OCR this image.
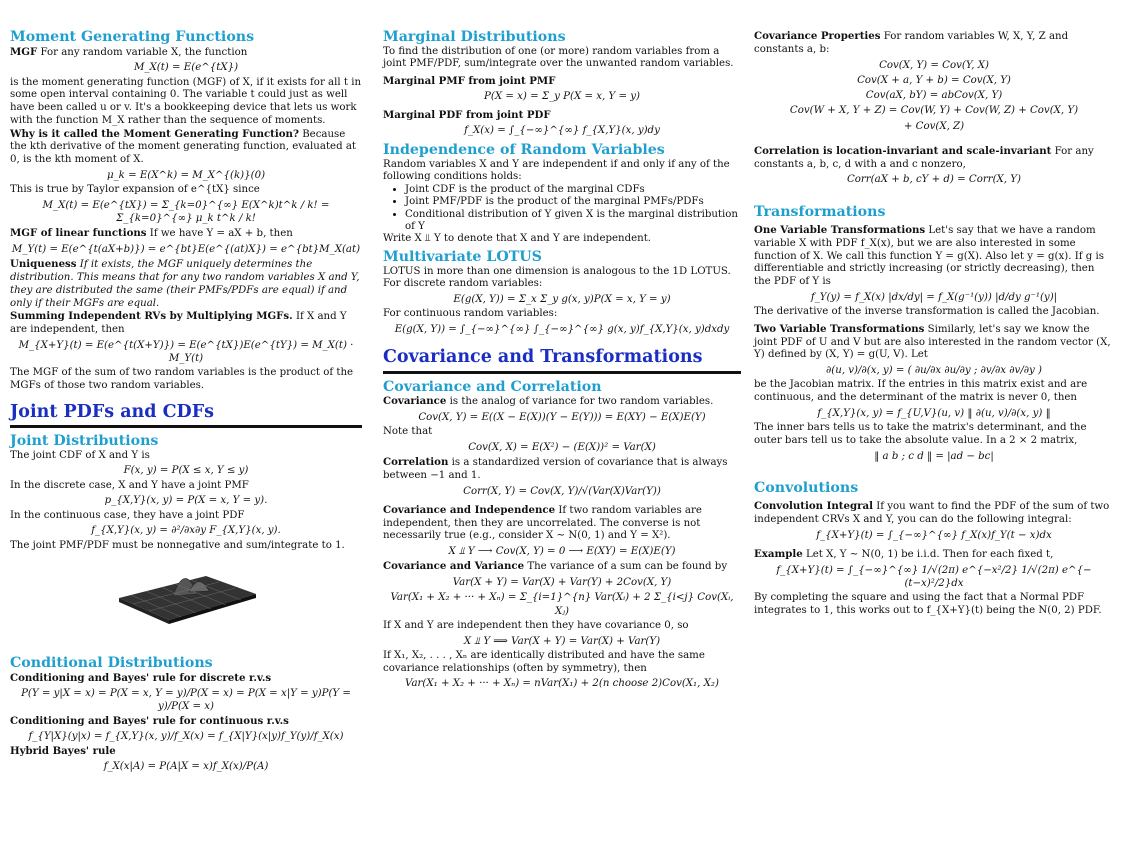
Moment Generating Functions

MGF For any random variable X, the function

M_X(t) = E(e^{tX})

is the moment generating function (MGF) of X, if it exists for all t in some open interval containing 0. The variable t could just as well have been called u or v. It's a bookkeeping device that lets us work with the function M_X rather than the sequence of moments.

Why is it called the Moment Generating Function? Because the kth derivative of the moment generating function, evaluated at 0, is the kth moment of X.

μ_k = E(X^k) = M_X^{(k)}(0)

This is true by Taylor expansion of e^{tX} since

M_X(t) = E(e^{tX}) = Σ_{k=0}^{∞} E(X^k)t^k / k! = Σ_{k=0}^{∞} μ_k t^k / k!

MGF of linear functions If we have Y = aX + b, then

M_Y(t) = E(e^{t(aX+b)}) = e^{bt}E(e^{(at)X}) = e^{bt}M_X(at)

Uniqueness If it exists, the MGF uniquely determines the distribution. This means that for any two random variables X and Y, they are distributed the same (their PMFs/PDFs are equal) if and only if their MGFs are equal.

Summing Independent RVs by Multiplying MGFs. If X and Y are independent, then

M_{X+Y}(t) = E(e^{t(X+Y)}) = E(e^{tX})E(e^{tY}) = M_X(t) · M_Y(t)

The MGF of the sum of two random variables is the product of the MGFs of those two random variables.

Joint PDFs and CDFs
Joint Distributions

The joint CDF of X and Y is

F(x, y) = P(X ≤ x, Y ≤ y)

In the discrete case, X and Y have a joint PMF

p_{X,Y}(x, y) = P(X = x, Y = y).

In the continuous case, they have a joint PDF

f_{X,Y}(x, y) = ∂²/∂x∂y F_{X,Y}(x, y).

The joint PMF/PDF must be nonnegative and sum/integrate to 1.

Conditional Distributions

Conditioning and Bayes' rule for discrete r.v.s

P(Y = y|X = x) = P(X = x, Y = y)/P(X = x) = P(X = x|Y = y)P(Y = y)/P(X = x)

Conditioning and Bayes' rule for continuous r.v.s

f_{Y|X}(y|x) = f_{X,Y}(x, y)/f_X(x) = f_{X|Y}(x|y)f_Y(y)/f_X(x)

Hybrid Bayes' rule

f_X(x|A) = P(A|X = x)f_X(x)/P(A)
Marginal Distributions

To find the distribution of one (or more) random variables from a joint PMF/PDF, sum/integrate over the unwanted random variables.

Marginal PMF from joint PMF

P(X = x) = Σ_y P(X = x, Y = y)

Marginal PDF from joint PDF

f_X(x) = ∫_{−∞}^{∞} f_{X,Y}(x, y)dy
Independence of Random Variables

Random variables X and Y are independent if and only if any of the following conditions holds:

• Joint CDF is the product of the marginal CDFs
• Joint PMF/PDF is the product of the marginal PMFs/PDFs
• Conditional distribution of Y given X is the marginal distribution of Y

Write X ⫫ Y to denote that X and Y are independent.

Multivariate LOTUS

LOTUS in more than one dimension is analogous to the 1D LOTUS. For discrete random variables:

E(g(X, Y)) = Σ_x Σ_y g(x, y)P(X = x, Y = y)

For continuous random variables:

E(g(X, Y)) = ∫_{−∞}^{∞} ∫_{−∞}^{∞} g(x, y)f_{X,Y}(x, y)dxdy
Covariance and Transformations
Covariance and Correlation

Covariance is the analog of variance for two random variables.

Cov(X, Y) = E((X − E(X))(Y − E(Y))) = E(XY) − E(X)E(Y)

Note that

Cov(X, X) = E(X²) − (E(X))² = Var(X)

Correlation is a standardized version of covariance that is always between −1 and 1.

Corr(X, Y) = Cov(X, Y)/√(Var(X)Var(Y))

Covariance and Independence If two random variables are independent, then they are uncorrelated. The converse is not necessarily true (e.g., consider X ∼ N(0, 1) and Y = X²).

X ⫫ Y ⟶ Cov(X, Y) = 0 ⟶ E(XY) = E(X)E(Y)

Covariance and Variance The variance of a sum can be found by

Var(X + Y) = Var(X) + Var(Y) + 2Cov(X, Y)
Var(X₁ + X₂ + ··· + Xₙ) = Σ_{i=1}^{n} Var(Xᵢ) + 2 Σ_{i<j} Cov(Xᵢ, Xⱼ)

If X and Y are independent then they have covariance 0, so

X ⫫ Y ⟹ Var(X + Y) = Var(X) + Var(Y)

If X₁, X₂, . . . , Xₙ are identically distributed and have the same covariance relationships (often by symmetry), then

Var(X₁ + X₂ + ··· + Xₙ) = nVar(X₁) + 2(n choose 2)Cov(X₁, X₂)

Covariance Properties For random variables W, X, Y, Z and constants a, b:

Cov(X, Y) = Cov(Y, X)
Cov(X + a, Y + b) = Cov(X, Y)
Cov(aX, bY) = abCov(X, Y)
Cov(W + X, Y + Z) = Cov(W, Y) + Cov(W, Z) + Cov(X, Y)
+ Cov(X, Z)

Correlation is location-invariant and scale-invariant For any constants a, b, c, d with a and c nonzero,

Corr(aX + b, cY + d) = Corr(X, Y)
Transformations

One Variable Transformations Let's say that we have a random variable X with PDF f_X(x), but we are also interested in some function of X. We call this function Y = g(X). Also let y = g(x). If g is differentiable and strictly increasing (or strictly decreasing), then the PDF of Y is

f_Y(y) = f_X(x) |dx/dy| = f_X(g⁻¹(y)) |d/dy g⁻¹(y)|

The derivative of the inverse transformation is called the Jacobian.

Two Variable Transformations Similarly, let's say we know the joint PDF of U and V but are also interested in the random vector (X, Y) defined by (X, Y) = g(U, V). Let

∂(u, v)/∂(x, y) = ( ∂u/∂x ∂u/∂y ; ∂v/∂x ∂v/∂y )

be the Jacobian matrix. If the entries in this matrix exist and are continuous, and the determinant of the matrix is never 0, then

f_{X,Y}(x, y) = f_{U,V}(u, v) ‖ ∂(u, v)/∂(x, y) ‖

The inner bars tells us to take the matrix's determinant, and the outer bars tell us to take the absolute value. In a 2 × 2 matrix,

‖ a b ; c d ‖ = |ad − bc|
Convolutions

Convolution Integral If you want to find the PDF of the sum of two independent CRVs X and Y, you can do the following integral:

f_{X+Y}(t) = ∫_{−∞}^{∞} f_X(x)f_Y(t − x)dx

Example Let X, Y ∼ N(0, 1) be i.i.d. Then for each fixed t,

f_{X+Y}(t) = ∫_{−∞}^{∞} 1/√(2π) e^{−x²/2} 1/√(2π) e^{−(t−x)²/2}dx

By completing the square and using the fact that a Normal PDF integrates to 1, this works out to f_{X+Y}(t) being the N(0, 2) PDF.
